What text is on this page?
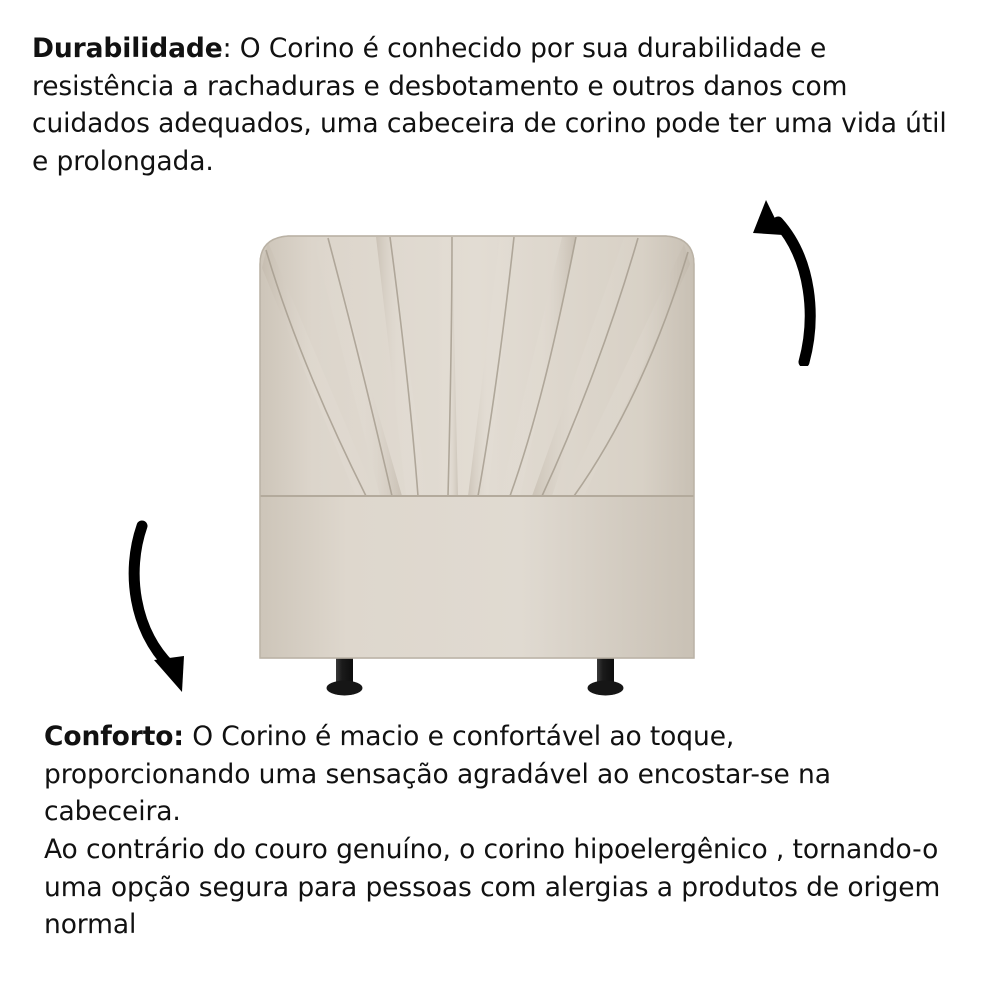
Durabilidade: O Corino é conhecido por sua durabilidade e resistência a rachaduras e desbotamento e outros danos com cuidados adequados, uma cabeceira de corino pode ter uma vida útil e prolongada.

Conforto: O Corino é macio e confortável ao toque, proporcionando uma sensação agradável ao encostar-se na cabeceira.

Ao contrário do couro genuíno, o corino hipoelergênico , tornando-o uma opção segura para pessoas com alergias a produtos de origem normal
